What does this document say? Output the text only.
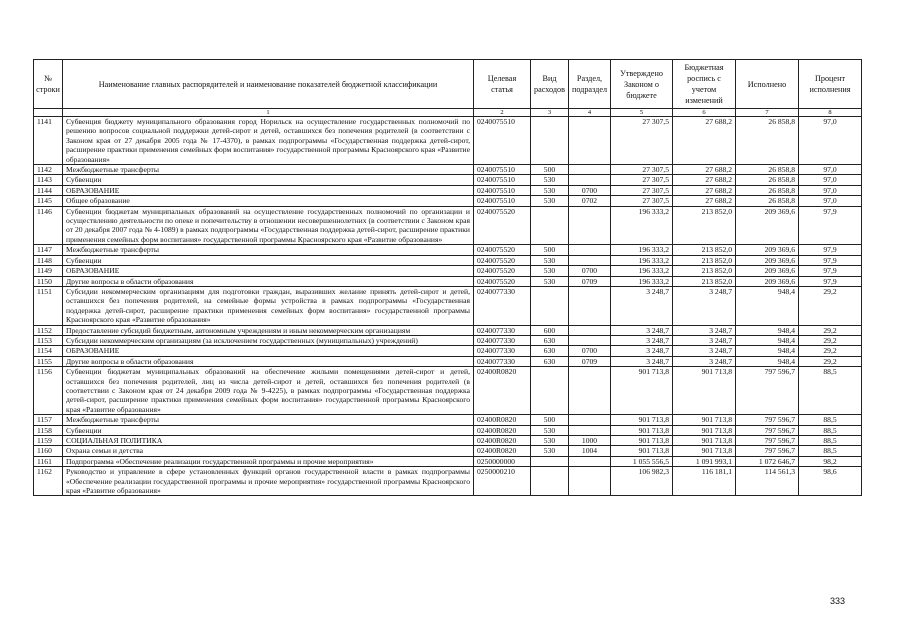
№ строки	Наименование главных распорядителей и наименование показателей бюджетной классификации	Целевая статья	Вид расходов	Раздел, подраздел	Утверждено Законом о бюджете	Бюджетная роспись с учетом изменений	Исполнено	Процент исполнения
	1	2	3	4	5	6	7	8
1141	Субвенция бюджету муниципального образования город Норильск на осуществление государственных полномочий по решению вопросов социальной поддержки детей-сирот и детей, оставшихся без попечения родителей (в соответствии с Законом края от 27 декабря 2005 года № 17-4370), в рамках подпрограммы «Государственная поддержка детей-сирот, расширение практики применения семейных форм воспитания» государственной программы Красноярского края «Развитие образования»	0240075510			27 307,5	27 688,2	26 858,8	97,0
1142	Межбюджетные трансферты	0240075510	500		27 307,5	27 688,2	26 858,8	97,0
1143	Субвенции	0240075510	530		27 307,5	27 688,2	26 858,8	97,0
1144	ОБРАЗОВАНИЕ	0240075510	530	0700	27 307,5	27 688,2	26 858,8	97,0
1145	Общее образование	0240075510	530	0702	27 307,5	27 688,2	26 858,8	97,0
1146	Субвенции бюджетам муниципальных образований на осуществление государственных полномочий по организации и осуществлению деятельности по опеке и попечительству в отношении несовершеннолетних (в соответствии с Законом края от 20 декабря 2007 года № 4-1089) в рамках подпрограммы «Государственная поддержка детей-сирот, расширение практики применения семейных форм воспитания» государственной программы Красноярского края «Развитие образования»	0240075520			196 333,2	213 852,0	209 369,6	97,9
1147	Межбюджетные трансферты	0240075520	500		196 333,2	213 852,0	209 369,6	97,9
1148	Субвенции	0240075520	530		196 333,2	213 852,0	209 369,6	97,9
1149	ОБРАЗОВАНИЕ	0240075520	530	0700	196 333,2	213 852,0	209 369,6	97,9
1150	Другие вопросы в области образования	0240075520	530	0709	196 333,2	213 852,0	209 369,6	97,9
1151	Субсидии некоммерческим организациям для подготовки граждан, выразивших желание принять детей-сирот и детей, оставшихся без попечения родителей, на семейные формы устройства в рамках подпрограммы «Государственная поддержка детей-сирот, расширение практики применения семейных форм воспитания» государственной программы Красноярского края «Развитие образования»	0240077330			3 248,7	3 248,7	948,4	29,2
1152	Предоставление субсидий бюджетным, автономным учреждениям и иным некоммерческим организациям	0240077330	600		3 248,7	3 248,7	948,4	29,2
1153	Субсидии некоммерческим организациям (за исключением государственных (муниципальных) учреждений)	0240077330	630		3 248,7	3 248,7	948,4	29,2
1154	ОБРАЗОВАНИЕ	0240077330	630	0700	3 248,7	3 248,7	948,4	29,2
1155	Другие вопросы в области образования	0240077330	630	0709	3 248,7	3 248,7	948,4	29,2
1156	Субвенции бюджетам муниципальных образований на обеспечение жилыми помещениями детей-сирот и детей, оставшихся без попечения родителей, лиц из числа детей-сирот и детей, оставшихся без попечения родителей (в соответствии с Законом края от 24 декабря 2009 года № 9-4225), в рамках подпрограммы «Государственная поддержка детей-сирот, расширение практики применения семейных форм воспитания» государственной программы Красноярского края «Развитие образования»	02400R0820			901 713,8	901 713,8	797 596,7	88,5
1157	Межбюджетные трансферты	02400R0820	500		901 713,8	901 713,8	797 596,7	88,5
1158	Субвенции	02400R0820	530		901 713,8	901 713,8	797 596,7	88,5
1159	СОЦИАЛЬНАЯ ПОЛИТИКА	02400R0820	530	1000	901 713,8	901 713,8	797 596,7	88,5
1160	Охрана семьи и детства	02400R0820	530	1004	901 713,8	901 713,8	797 596,7	88,5
1161	Подпрограмма «Обеспечение реализации государственной программы и прочие мероприятия»	0250000000			1 055 556,5	1 091 993,1	1 072 646,7	98,2
1162	Руководство и управление в сфере установленных функций органов государственной власти в рамках подпрограммы «Обеспечение реализации государственной программы и прочие мероприятия» государственной программы Красноярского края «Развитие образования»	0250000210			106 982,3	116 181,1	114 561,3	98,6
333
